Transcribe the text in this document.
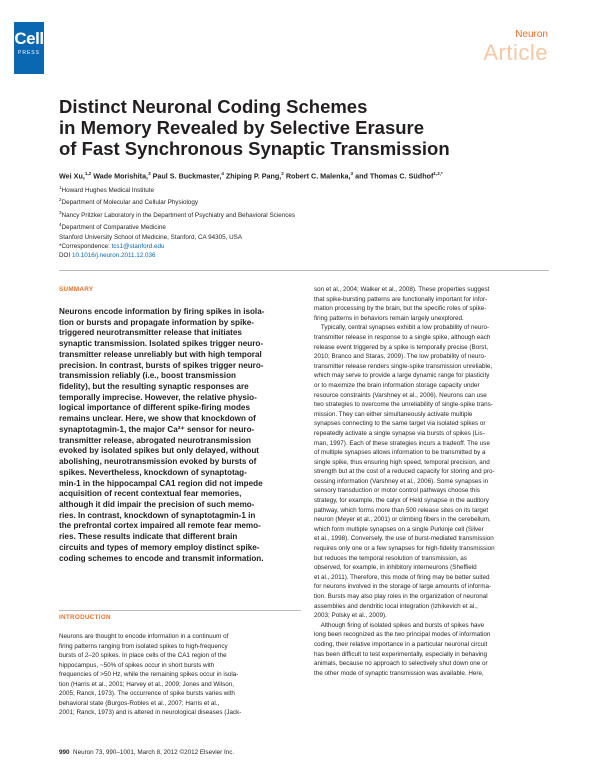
Cell
PRESS
Neuron
Article
Distinct Neuronal Coding Schemes
in Memory Revealed by Selective Erasure
of Fast Synchronous Synaptic Transmission
Wei Xu,$^{1,2}$ Wade Morishita,$^3$ Paul S. Buckmaster,$^4$ Zhiping P. Pang,$^2$ Robert C. Malenka,$^3$ and Thomas C. Südhof$^{1,2,*}$
$^1$Howard Hughes Medical Institute
$^2$Department of Molecular and Cellular Physiology
$^3$Nancy Pritzker Laboratory in the Department of Psychiatry and Behavioral Sciences
$^4$Department of Comparative Medicine
Stanford University School of Medicine, Stanford, CA 94305, USA
*Correspondence: tcs1@stanford.edu
DOI 10.1016/j.neuron.2011.12.036
SUMMARY
Neurons encode information by firing spikes in isola-
tion or bursts and propagate information by spike-
triggered neurotransmitter release that initiates
synaptic transmission. Isolated spikes trigger neuro-
transmitter release unreliably but with high temporal
precision. In contrast, bursts of spikes trigger neuro-
transmission reliably (i.e., boost transmission
fidelity), but the resulting synaptic responses are
temporally imprecise. However, the relative physio-
logical importance of different spike-firing modes
remains unclear. Here, we show that knockdown of
synaptotagmin-1, the major Ca²⁺ sensor for neuro-
transmitter release, abrogated neurotransmission
evoked by isolated spikes but only delayed, without
abolishing, neurotransmission evoked by bursts of
spikes. Nevertheless, knockdown of synaptotag-
min-1 in the hippocampal CA1 region did not impede
acquisition of recent contextual fear memories,
although it did impair the precision of such memo-
ries. In contrast, knockdown of synaptotagmin-1 in
the prefrontal cortex impaired all remote fear memo-
ries. These results indicate that different brain
circuits and types of memory employ distinct spike-
coding schemes to encode and transmit information.
INTRODUCTION
Neurons are thought to encode information in a continuum of
firing patterns ranging from isolated spikes to high-frequency
bursts of 2–20 spikes. In place cells of the CA1 region of the
hippocampus, ~50% of spikes occur in short bursts with
frequencies of >50 Hz, while the remaining spikes occur in isola-
tion (Harris et al., 2001; Harvey et al., 2009; Jones and Wilson,
2005; Ranck, 1973). The occurrence of spike bursts varies with
behavioral state (Burgos-Robles et al., 2007; Harris et al.,
2001; Ranck, 1973) and is altered in neurological diseases (Jack-
son et al., 2004; Walker et al., 2008). These properties suggest
that spike-bursting patterns are functionally important for infor-
mation processing by the brain, but the specific roles of spike-
firing patterns in behaviors remain largely unexplored.
Typically, central synapses exhibit a low probability of neuro-
transmitter release in response to a single spike, although each
release event triggered by a spike is temporally precise (Borst,
2010; Branco and Staras, 2009). The low probability of neuro-
transmitter release renders single-spike transmission unreliable,
which may serve to provide a large dynamic range for plasticity
or to maximize the brain information storage capacity under
resource constraints (Varshney et al., 2006). Neurons can use
two strategies to overcome the unreliability of single-spike trans-
mission. They can either simultaneously activate multiple
synapses connecting to the same target via isolated spikes or
repeatedly activate a single synapse via bursts of spikes (Lis-
man, 1997). Each of these strategies incurs a tradeoff. The use
of multiple synapses allows information to be transmitted by a
single spike, thus ensuring high speed, temporal precision, and
strength but at the cost of a reduced capacity for storing and pro-
cessing information (Varshney et al., 2006). Some synapses in
sensory transduction or motor control pathways choose this
strategy, for example, the calyx of Held synapse in the auditory
pathway, which forms more than 500 release sites on its target
neuron (Meyer et al., 2001) or climbing fibers in the cerebellum,
which form multiple synapses on a single Purkinje cell (Silver
et al., 1998). Conversely, the use of burst-mediated transmission
requires only one or a few synapses for high-fidelity transmission
but reduces the temporal resolution of transmission, as
observed, for example, in inhibitory interneurons (Sheffield
et al., 2011). Therefore, this mode of firing may be better suited
for neurons involved in the storage of large amounts of informa-
tion. Bursts may also play roles in the organization of neuronal
assemblies and dendritic local integration (Izhikevich et al.,
2003; Polsky et al., 2009).
Although firing of isolated spikes and bursts of spikes have
long been recognized as the two principal modes of information
coding, their relative importance in a particular neuronal circuit
has been difficult to test experimentally, especially in behaving
animals, because no approach to selectively shut down one or
the other mode of synaptic transmission was available. Here,
990 Neuron 73, 990–1001, March 8, 2012 ©2012 Elsevier Inc.
